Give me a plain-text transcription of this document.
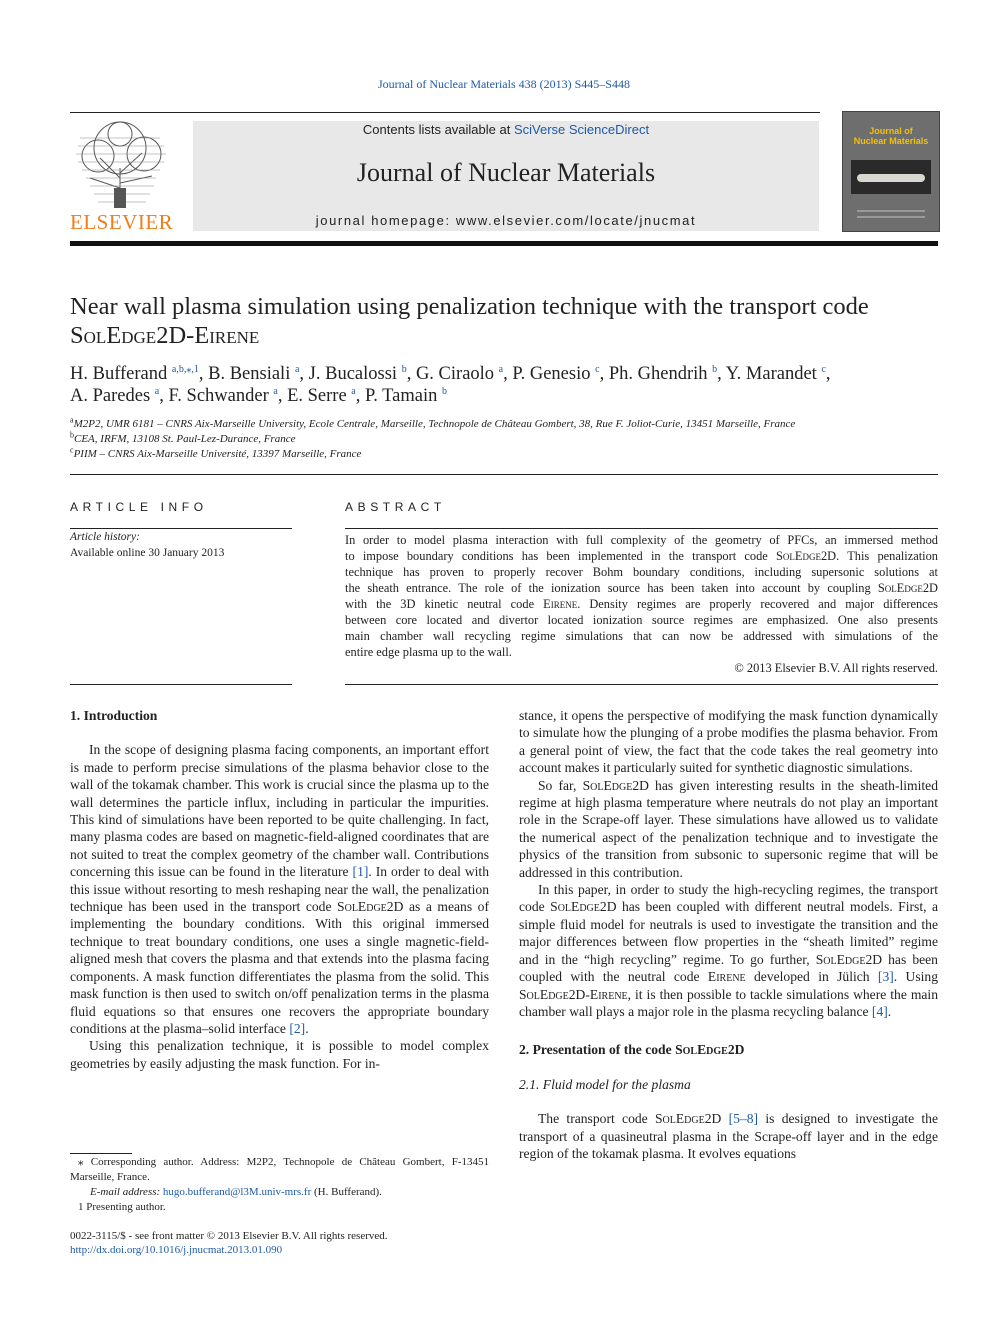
Journal of Nuclear Materials 438 (2013) S445–S448
ELSEVIER
Contents lists available at SciVerse ScienceDirect
Journal of Nuclear Materials
journal homepage: www.elsevier.com/locate/jnucmat
Journal of
Nuclear Materials
Near wall plasma simulation using penalization technique with the transport code
SolEdge2D-Eirene
H. Bufferand $^{a,b,⁎,1}$, B. Bensiali $^a$, J. Bucalossi $^b$, G. Ciraolo $^a$, P. Genesio $^c$, Ph. Ghendrih $^b$, Y. Marandet $^c$,
A. Paredes $^a$, F. Schwander $^a$, E. Serre $^a$, P. Tamain $^b$
$^a$M2P2, UMR 6181 – CNRS Aix-Marseille University, Ecole Centrale, Marseille, Technopole de Château Gombert, 38, Rue F. Joliot-Curie, 13451 Marseille, France
$^b$CEA, IRFM, 13108 St. Paul-Lez-Durance, France
$^c$PIIM – CNRS Aix-Marseille Université, 13397 Marseille, France
ARTICLE INFO
Article history:
Available online 30 January 2013
ABSTRACT
In order to model plasma interaction with full complexity of the geometry of PFCs, an immersed method
to impose boundary conditions has been implemented in the transport code SolEdge2D. This penalization
technique has proven to properly recover Bohm boundary conditions, including supersonic solutions at
the sheath entrance. The role of the ionization source has been taken into account by coupling SolEdge2D
with the 3D kinetic neutral code Eirene. Density regimes are properly recovered and major differences
between core located and divertor located ionization source regimes are emphasized. One also presents
main chamber wall recycling regime simulations that can now be addressed with simulations of the
entire edge plasma up to the wall.
© 2013 Elsevier B.V. All rights reserved.
1. Introduction

In the scope of designing plasma facing components, an important effort is made to perform precise simulations of the plasma behavior close to the wall of the tokamak chamber. This work is crucial since the plasma up to the wall determines the particle influx, including in particular the impurities. This kind of simulations have been reported to be quite challenging. In fact, many plasma codes are based on magnetic-field-aligned coordinates that are not suited to treat the complex geometry of the chamber wall. Contributions concerning this issue can be found in the literature [1]. In order to deal with this issue without resorting to mesh reshaping near the wall, the penalization technique has been used in the transport code SolEdge2D as a means of implementing the boundary conditions. With this original immersed technique to treat boundary conditions, one uses a single magnetic-field-aligned mesh that covers the plasma and that extends into the plasma facing components. A mask function differentiates the plasma from the solid. This mask function is then used to switch on/off penalization terms in the plasma fluid equations so that ensures one recovers the appropriate boundary conditions at the plasma–solid interface [2].

Using this penalization technique, it is possible to model complex geometries by easily adjusting the mask function. For in-

⁎ Corresponding author. Address: M2P2, Technopole de Château Gombert, F-13451 Marseille, France.
E-mail address: hugo.bufferand@l3M.univ-mrs.fr (H. Bufferand).
1 Presenting author.
0022-3115/$ - see front matter © 2013 Elsevier B.V. All rights reserved.
http://dx.doi.org/10.1016/j.jnucmat.2013.01.090

stance, it opens the perspective of modifying the mask function dynamically to simulate how the plunging of a probe modifies the plasma behavior. From a general point of view, the fact that the code takes the real geometry into account makes it particularly suited for synthetic diagnostic simulations.

So far, SolEdge2D has given interesting results in the sheath-limited regime at high plasma temperature where neutrals do not play an important role in the Scrape-off layer. These simulations have allowed us to validate the numerical aspect of the penalization technique and to investigate the physics of the transition from subsonic to supersonic regime that will be addressed in this contribution.

In this paper, in order to study the high-recycling regimes, the transport code SolEdge2D has been coupled with different neutral models. First, a simple fluid model for neutrals is used to investigate the transition and the major differences between flow properties in the “sheath limited” regime and in the “high recycling” regime. To go further, SolEdge2D has been coupled with the neutral code Eirene developed in Jülich [3]. Using SolEdge2D-Eirene, it is then possible to tackle simulations where the main chamber wall plays a major role in the plasma recycling balance [4].

2. Presentation of the code SolEdge2D
2.1. Fluid model for the plasma

The transport code SolEdge2D [5–8] is designed to investigate the transport of a quasineutral plasma in the Scrape-off layer and in the edge region of the tokamak plasma. It evolves equations
